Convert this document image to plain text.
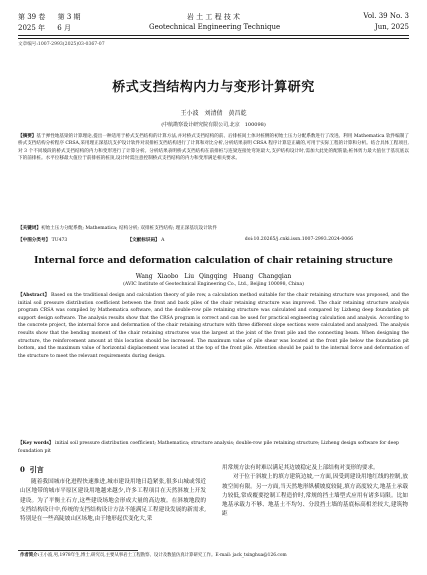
第 39 卷 第 3 期	岩 土 工 程 技 术	Vol. 39 No. 3
2025 年 6 月	Geotechnical Engineering Technique	Jun, 2025
文章编号:1007-2993(2025)03-0367-07
桥式支挡结构内力与变形计算研究
王小波　刘清倩　黄昌乾
(中航勘察设计研究院有限公司,北京　100098)
【摘要】基于弹性地基梁的计算理论,提出一种适用于桥式支挡结构的计算方法,并对桥式支挡结构的前、后排桩间土体对桩侧的初始土压力分配系数进行了改进。利用 Mathematica 软件编制了桥式支挡结构分析程序 CRSA,采用理正深基坑支护设计软件对双排桩支挡结构进行了计算和对比分析,分析结果表明 CRSA 程序计算是正确的,可用于实际工程的计算和分析。结合具体工程项目,对 3 个不同坡段的桥式支挡结构的内力和变形进行了计算分析。分析结果表明桥式支挡结构在前排桩与连梁连接处弯矩最大,支护结构设计时,需加大此处的配筋量;桩体剪力最大值位于基坑底以下的前排桩。水平位移最大值位于前排桩的桩顶,设计时需注意控制桥式支挡结构的内力和变形满足相关要求。
【关键词】初始土压力分配系数; Mathematica; 结构分析; 双排桩支挡结构; 理正深基坑设计软件
【中图分类号】 TU473	【文献标识码】 A	doi:10.20265/j.cnki.issn.1007-2993.2024-0066
Internal force and deformation calculation of chair retaining structure
Wang Xiaobo　Liu Qingqing　Huang Changqian
(AVIC Institute of Geotechnical Engineering Co., Ltd., Beijing 100098, China)
【Abstract】 Based on the traditional design and calculation theory of pile row, a calculation method suitable for the chair retaining structure was proposed, and the initial soil pressure distribution coefficient between the front and back piles of the chair retaining structure was improved. The chair retaining structure analysis program CRSA was compiled by Mathematica software, and the double-row pile retaining structure was calculated and compared by Lizheng deep foundation pit support design software. The analysis results show that the CRSA program is correct and can be used for practical engineering calculation and analysis. According to the concrete project, the internal force and deformation of the chair retaining structure with three different slope sections were calculated and analyzed. The analysis results show that the bending moment of the chair retaining structures was the largest at the joint of the front pile and the connecting beam. When designing the structure, the reinforcement amount at this location should be increased. The maximum value of pile shear was located at the front pile below the foundation pit bottom, and the maximum value of horizontal displacement was located at the top of the front pile. Attention should be paid to the internal force and deformation of the structure to meet the relevant requirements during design.
【Key words】 initial soil pressure distribution coefficient; Mathematica; structure analysis; double-row pile retaining structure; Lizheng design software for deep foundation pit
0 引言

随着我国城市化进程快速推进,城市建设用地日趋紧张,很多山城或邻近山区地带的城市平原区建设用地越来越少,许多工程项目在天然斜坡上开发建设。为了平衡土石方,这些建设场地会形成大量的高边坡。在斜坡地段的支挡结构设计中,传统的支挡结构设计方法不能满足工程建设发展的新需求,特别是在一些高陡坡山区场地,由于地形起伏变化大,采

用常规方法有时难以满足其边坡稳定及上部结构对变形的要求。

对于位于斜坡上的填方建筑边坡,一方面,因受到建设用地红线的控制,放坡空间有限。另一方面,当天然地形纵横坡度较陡,填方高度较大,地基土承载力较低,常成覆要挖制工程造价时,常规的挡土墙型式应用有诸多局限。比如地基承载力不够、地基土不均匀、分段挡土墙的基底标高相差较大,建筑物距

作者简介:王小波,男,1978年生,博士,研究员,主要从事岩土工程勘察、设计及数值仿真计算研究工作。E-mail: jack_tsinghua@126.com
